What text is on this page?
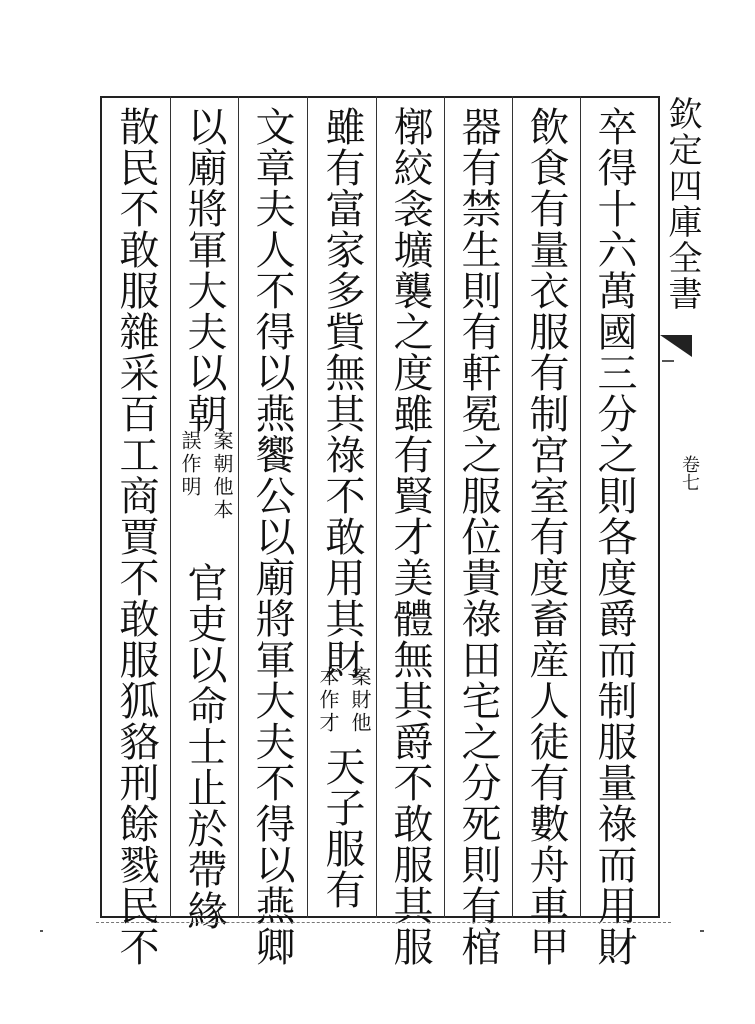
欽定四庫全書
卷七
卒得十六萬國三分之則各度爵而制服量祿而用財
飲食有量衣服有制宮室有度畜産人徒有數舟車甲
器有禁生則有軒冕之服位貴祿田宅之分死則有棺
槨絞衾壙襲之度雖有賢才美體無其爵不敢服其服
雖有富家多貲無其祿不敢用其財
案財他
本作才
天子服有
文章夫人不得以燕饗公以廟將軍大夫不得以燕卿
以廟將軍大夫以朝
案朝他本
誤作明
官吏以命士止於帶緣
散民不敢服雜采百工商賈不敢服狐貉刑餘戮民不
